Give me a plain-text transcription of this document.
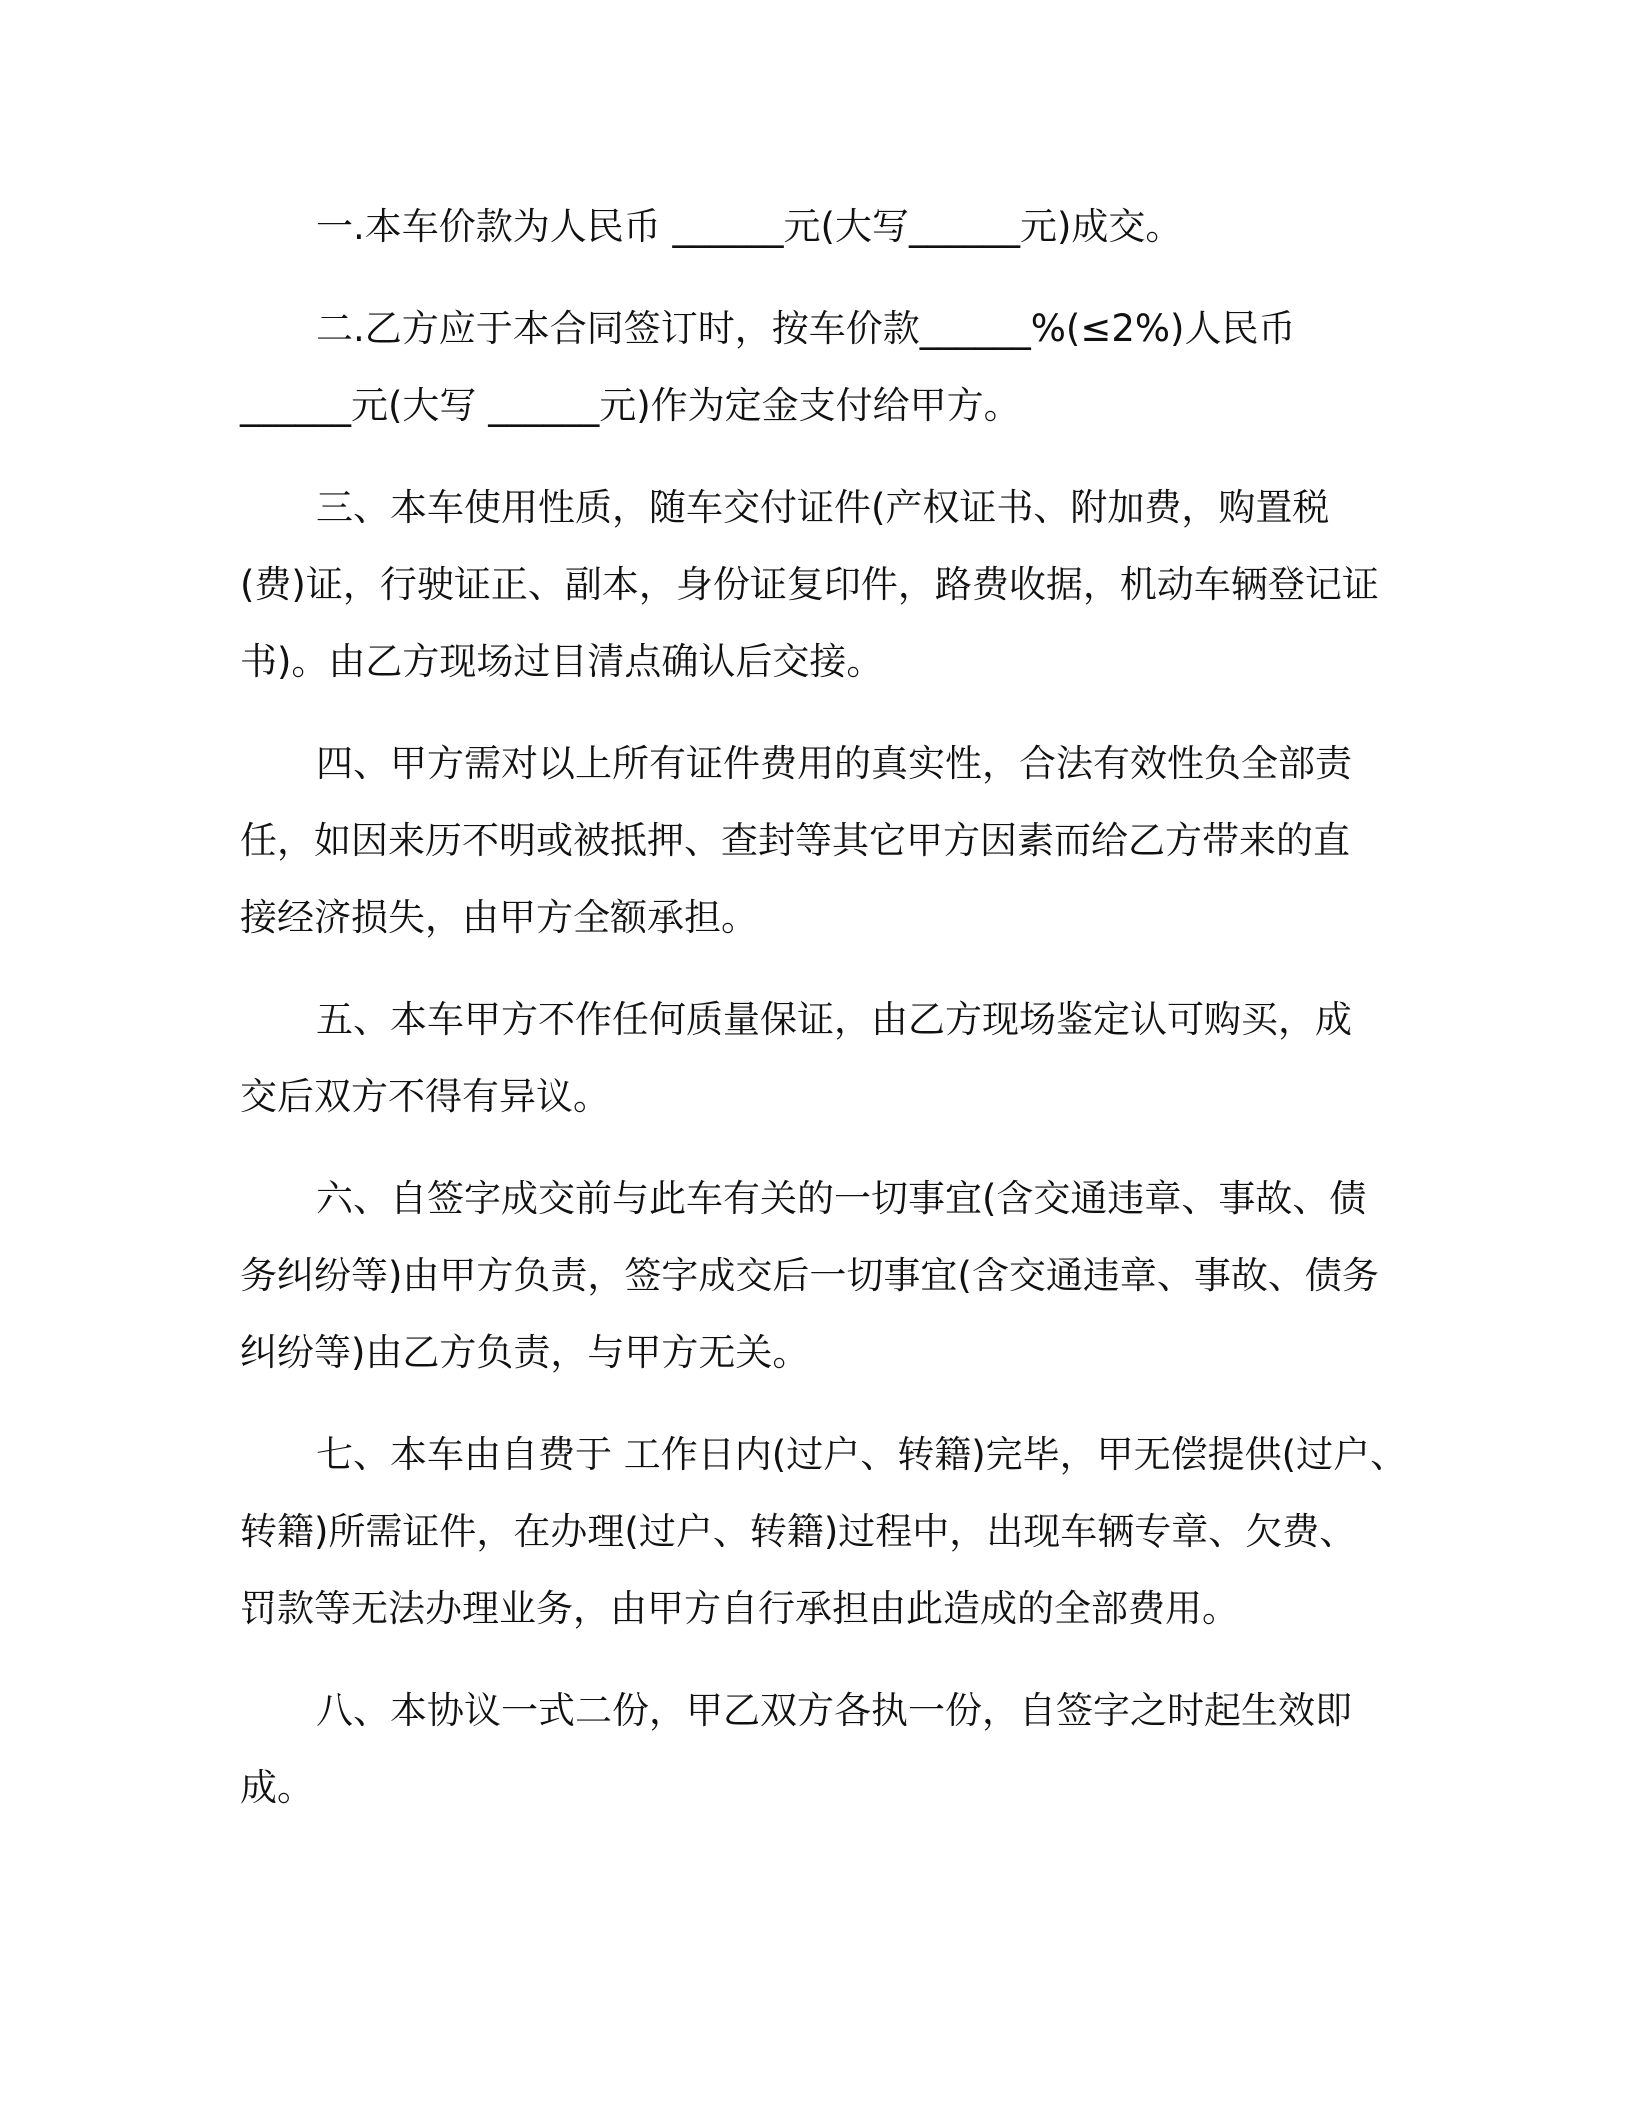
一.本车价款为人民币 ______元(大写______元)成交。
二.乙方应于本合同签订时，按车价款______%(≤2%)人民币
______元(大写 ______元)作为定金支付给甲方。
三、本车使用性质，随车交付证件(产权证书、附加费，购置税
(费)证，行驶证正、副本，身份证复印件，路费收据，机动车辆登记证
书)。由乙方现场过目清点确认后交接。
四、甲方需对以上所有证件费用的真实性，合法有效性负全部责
任，如因来历不明或被抵押、查封等其它甲方因素而给乙方带来的直
接经济损失，由甲方全额承担。
五、本车甲方不作任何质量保证，由乙方现场鉴定认可购买，成
交后双方不得有异议。
六、自签字成交前与此车有关的一切事宜(含交通违章、事故、债
务纠纷等)由甲方负责，签字成交后一切事宜(含交通违章、事故、债务
纠纷等)由乙方负责，与甲方无关。
七、本车由自费于 工作日内(过户、转籍)完毕，甲无偿提供(过户、
转籍)所需证件，在办理(过户、转籍)过程中，出现车辆专章、欠费、
罚款等无法办理业务，由甲方自行承担由此造成的全部费用。
八、本协议一式二份，甲乙双方各执一份，自签字之时起生效即
成。
